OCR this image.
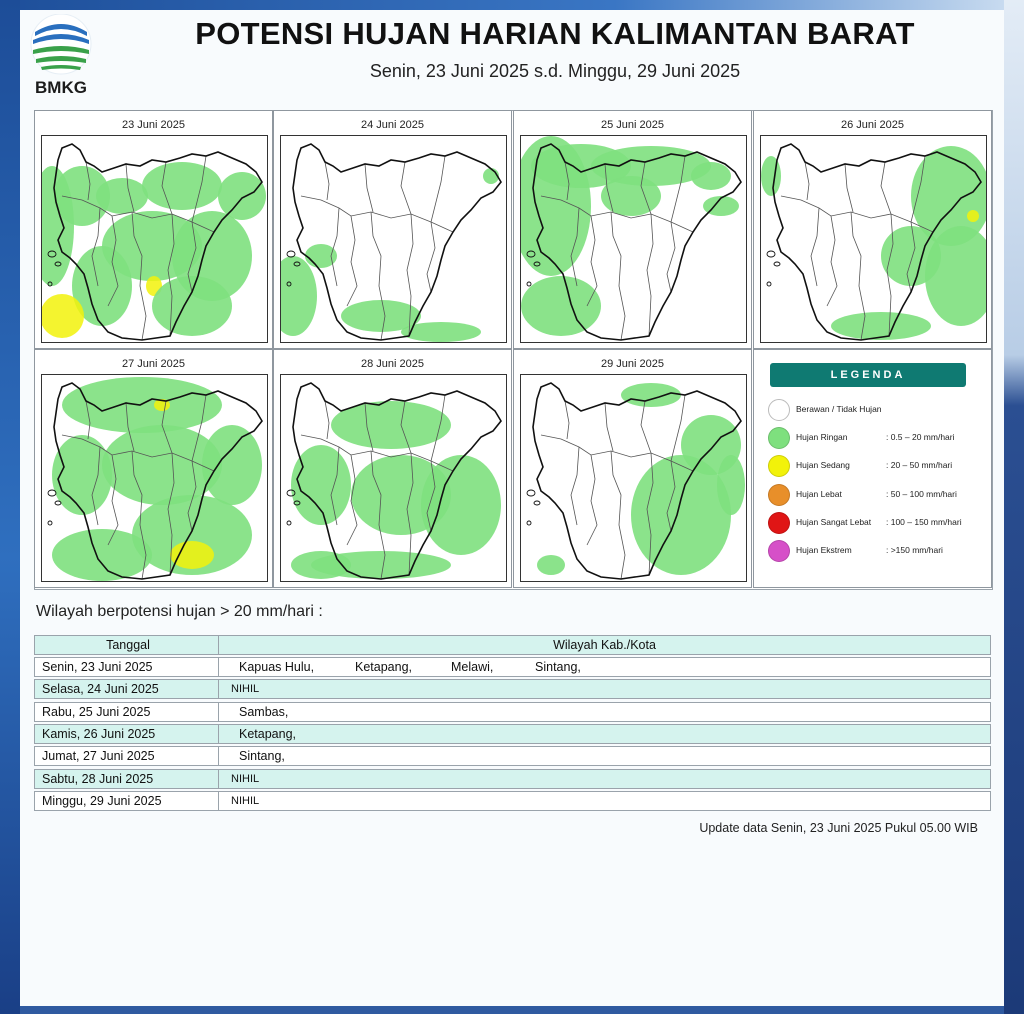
BMKG
POTENSI HUJAN HARIAN KALIMANTAN BARAT
Senin, 23 Juni 2025 s.d. Minggu, 29 Juni 2025
23 Juni 2025	24 Juni 2025	25 Juni 2025	26 Juni 2025
27 Juni 2025	28 Juni 2025	29 Juni 2025
LEGENDA
Berawan / Tidak Hujan
Hujan Ringan	: 0.5 – 20 mm/hari
Hujan Sedang	: 20 – 50 mm/hari
Hujan Lebat	: 50 – 100 mm/hari
Hujan Sangat Lebat : 100 – 150 mm/hari
Hujan Ekstrem	: >150 mm/hari
Wilayah berpotensi hujan > 20 mm/hari :
Tanggal	Wilayah Kab./Kota
Senin, 23 Juni 2025	Kapuas Hulu,	Ketapang,	Melawi,	Sintang,
Selasa, 24 Juni 2025	NIHIL
Rabu, 25 Juni 2025	Sambas,
Kamis, 26 Juni 2025	Ketapang,
Jumat, 27 Juni 2025	Sintang,
Sabtu, 28 Juni 2025	NIHIL
Minggu, 29 Juni 2025	NIHIL
Update data Senin, 23 Juni 2025 Pukul 05.00 WIB
